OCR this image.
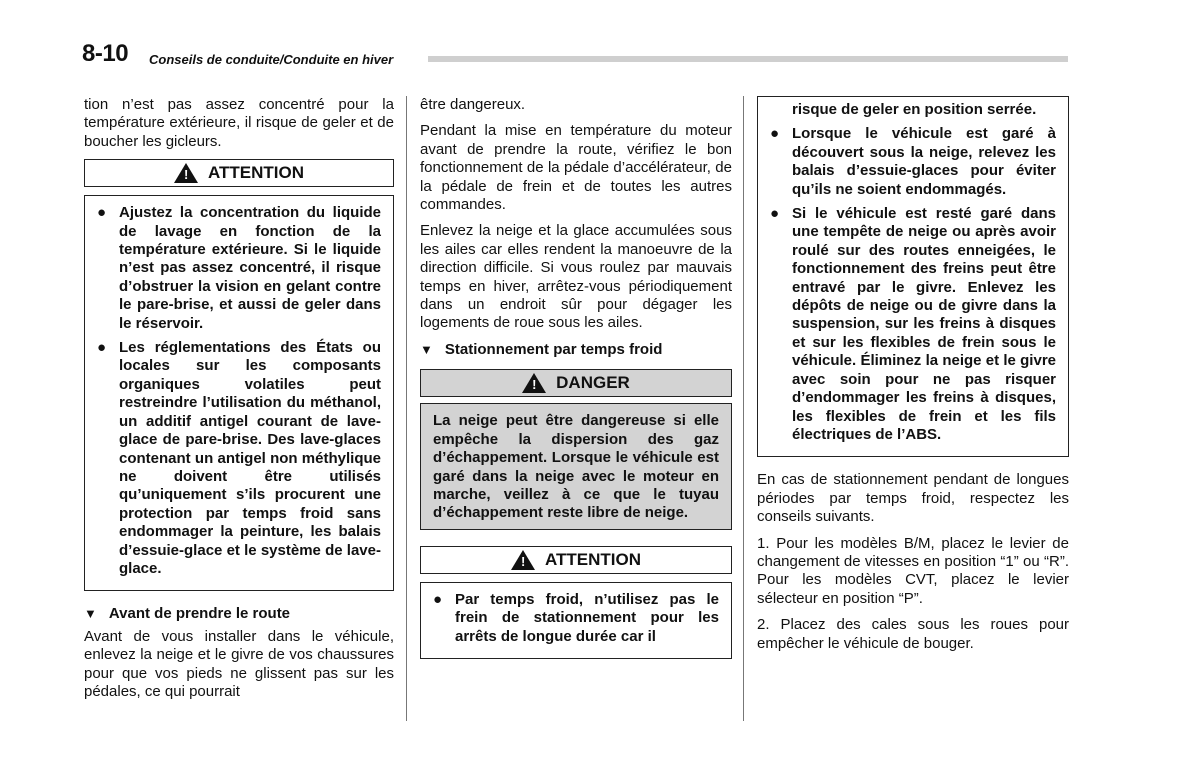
8-10 Conseils de conduite/Conduite en hiver

tion n’est pas assez concentré pour la température extérieure, il risque de geler et de boucher les gicleurs.

!
ATTENTION
● Ajustez la concentration du liquide de lavage en fonction de la température extérieure. Si le liquide n’est pas assez concentré, il risque d’obstruer la vision en gelant contre le pare-brise, et aussi de geler dans le réservoir.
● Les réglementations des États ou locales sur les composants organiques volatiles peut restreindre l’utilisation du méthanol, un additif antigel courant de lave-glace de pare-brise. Des lave-glaces contenant un antigel non méthylique ne doivent être utilisés qu’uniquement s’ils procurent une protection par temps froid sans endommager la peinture, les balais d’essuie-glace et le système de lave-glace.
▼ Avant de prendre le route

Avant de vous installer dans le véhicule, enlevez la neige et le givre de vos chaussures pour que vos pieds ne glissent pas sur les pédales, ce qui pourrait

être dangereux.

Pendant la mise en température du moteur avant de prendre la route, vérifiez le bon fonctionnement de la pédale d’accélérateur, de la pédale de frein et de toutes les autres commandes.

Enlevez la neige et la glace accumulées sous les ailes car elles rendent la manoeuvre de la direction difficile. Si vous roulez par mauvais temps en hiver, arrêtez-vous périodiquement dans un endroit sûr pour dégager les logements de roue sous les ailes.

▼ Stationnement par temps froid
!
DANGER
La neige peut être dangereuse si elle empêche la dispersion des gaz d’échappement. Lorsque le véhicule est garé dans la neige avec le moteur en marche, veillez à ce que le tuyau d’échappement reste libre de neige.
!
ATTENTION
● Par temps froid, n’utilisez pas le frein de stationnement pour les arrêts de longue durée car il
risque de geler en position serrée.
● Lorsque le véhicule est garé à découvert sous la neige, relevez les balais d’essuie-glaces pour éviter qu’ils ne soient endommagés.
● Si le véhicule est resté garé dans une tempête de neige ou après avoir roulé sur des routes enneigées, le fonctionnement des freins peut être entravé par le givre. Enlevez les dépôts de neige ou de givre dans la suspension, sur les freins à disques et sur les flexibles de frein sous le véhicule. Éliminez la neige et le givre avec soin pour ne pas risquer d’endommager les freins à disques, les flexibles de frein et les fils électriques de l’ABS.

En cas de stationnement pendant de longues périodes par temps froid, respectez les conseils suivants.

1. Pour les modèles B/M, placez le levier de changement de vitesses en position “1” ou “R”. Pour les modèles CVT, placez le levier sélecteur en position “P”.

2. Placez des cales sous les roues pour empêcher le véhicule de bouger.
